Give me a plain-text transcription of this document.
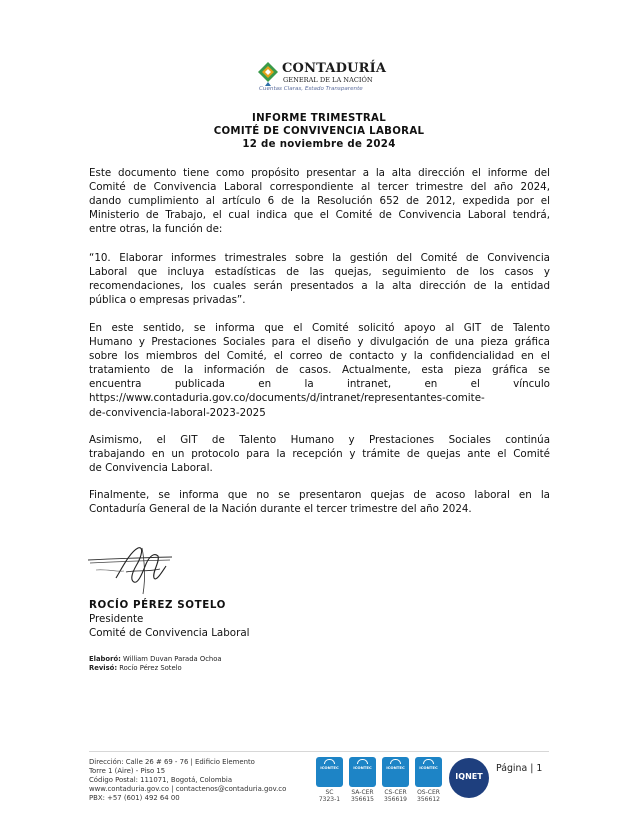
CONTADURÍA
GENERAL DE LA NACIÓN
Cuentas Claras, Estado Transparente
INFORME TRIMESTRAL
COMITÉ DE CONVIVENCIA LABORAL
12 de noviembre de 2024
Este documento tiene como propósito presentar a la alta dirección el informe del
Comité de Convivencia Laboral correspondiente al tercer trimestre del año 2024,
dando cumplimiento al artículo 6 de la Resolución 652 de 2012, expedida por el
Ministerio de Trabajo, el cual indica que el Comité de Convivencia Laboral tendrá,
entre otras, la función de:
“10. Elaborar informes trimestrales sobre la gestión del Comité de Convivencia
Laboral que incluya estadísticas de las quejas, seguimiento de los casos y
recomendaciones, los cuales serán presentados a la alta dirección de la entidad
pública o empresas privadas”.
En este sentido, se informa que el Comité solicitó apoyo al GIT de Talento
Humano y Prestaciones Sociales para el diseño y divulgación de una pieza gráfica
sobre los miembros del Comité, el correo de contacto y la confidencialidad en el
tratamiento de la información de casos. Actualmente, esta pieza gráfica se
encuentra publicada en la intranet, en el vínculo
https://www.contaduria.gov.co/documents/d/intranet/representantes-comite-
de-convivencia-laboral-2023-2025
Asimismo, el GIT de Talento Humano y Prestaciones Sociales continúa
trabajando en un protocolo para la recepción y trámite de quejas ante el Comité
de Convivencia Laboral.
Finalmente, se informa que no se presentaron quejas de acoso laboral en la
Contaduría General de la Nación durante el tercer trimestre del año 2024.
ROCÍO PÉREZ SOTELO
Presidente
Comité de Convivencia Laboral
Elaboró: William Duvan Parada Ochoa
Revisó: Rocío Pérez Sotelo
Dirección: Calle 26 # 69 - 76 | Edificio Elemento
Torre 1 (Aire) - Piso 15
Código Postal: 111071, Bogotá, Colombia
www.contaduria.gov.co | contactenos@contaduria.gov.co
PBX: +57 (601) 492 64 00
ICONTEC
SC
7323-1
ICONTEC
SA-CER
356615
ICONTEC
CS-CER
356619
ICONTEC
OS-CER
356612
IQNET
Página | 1
